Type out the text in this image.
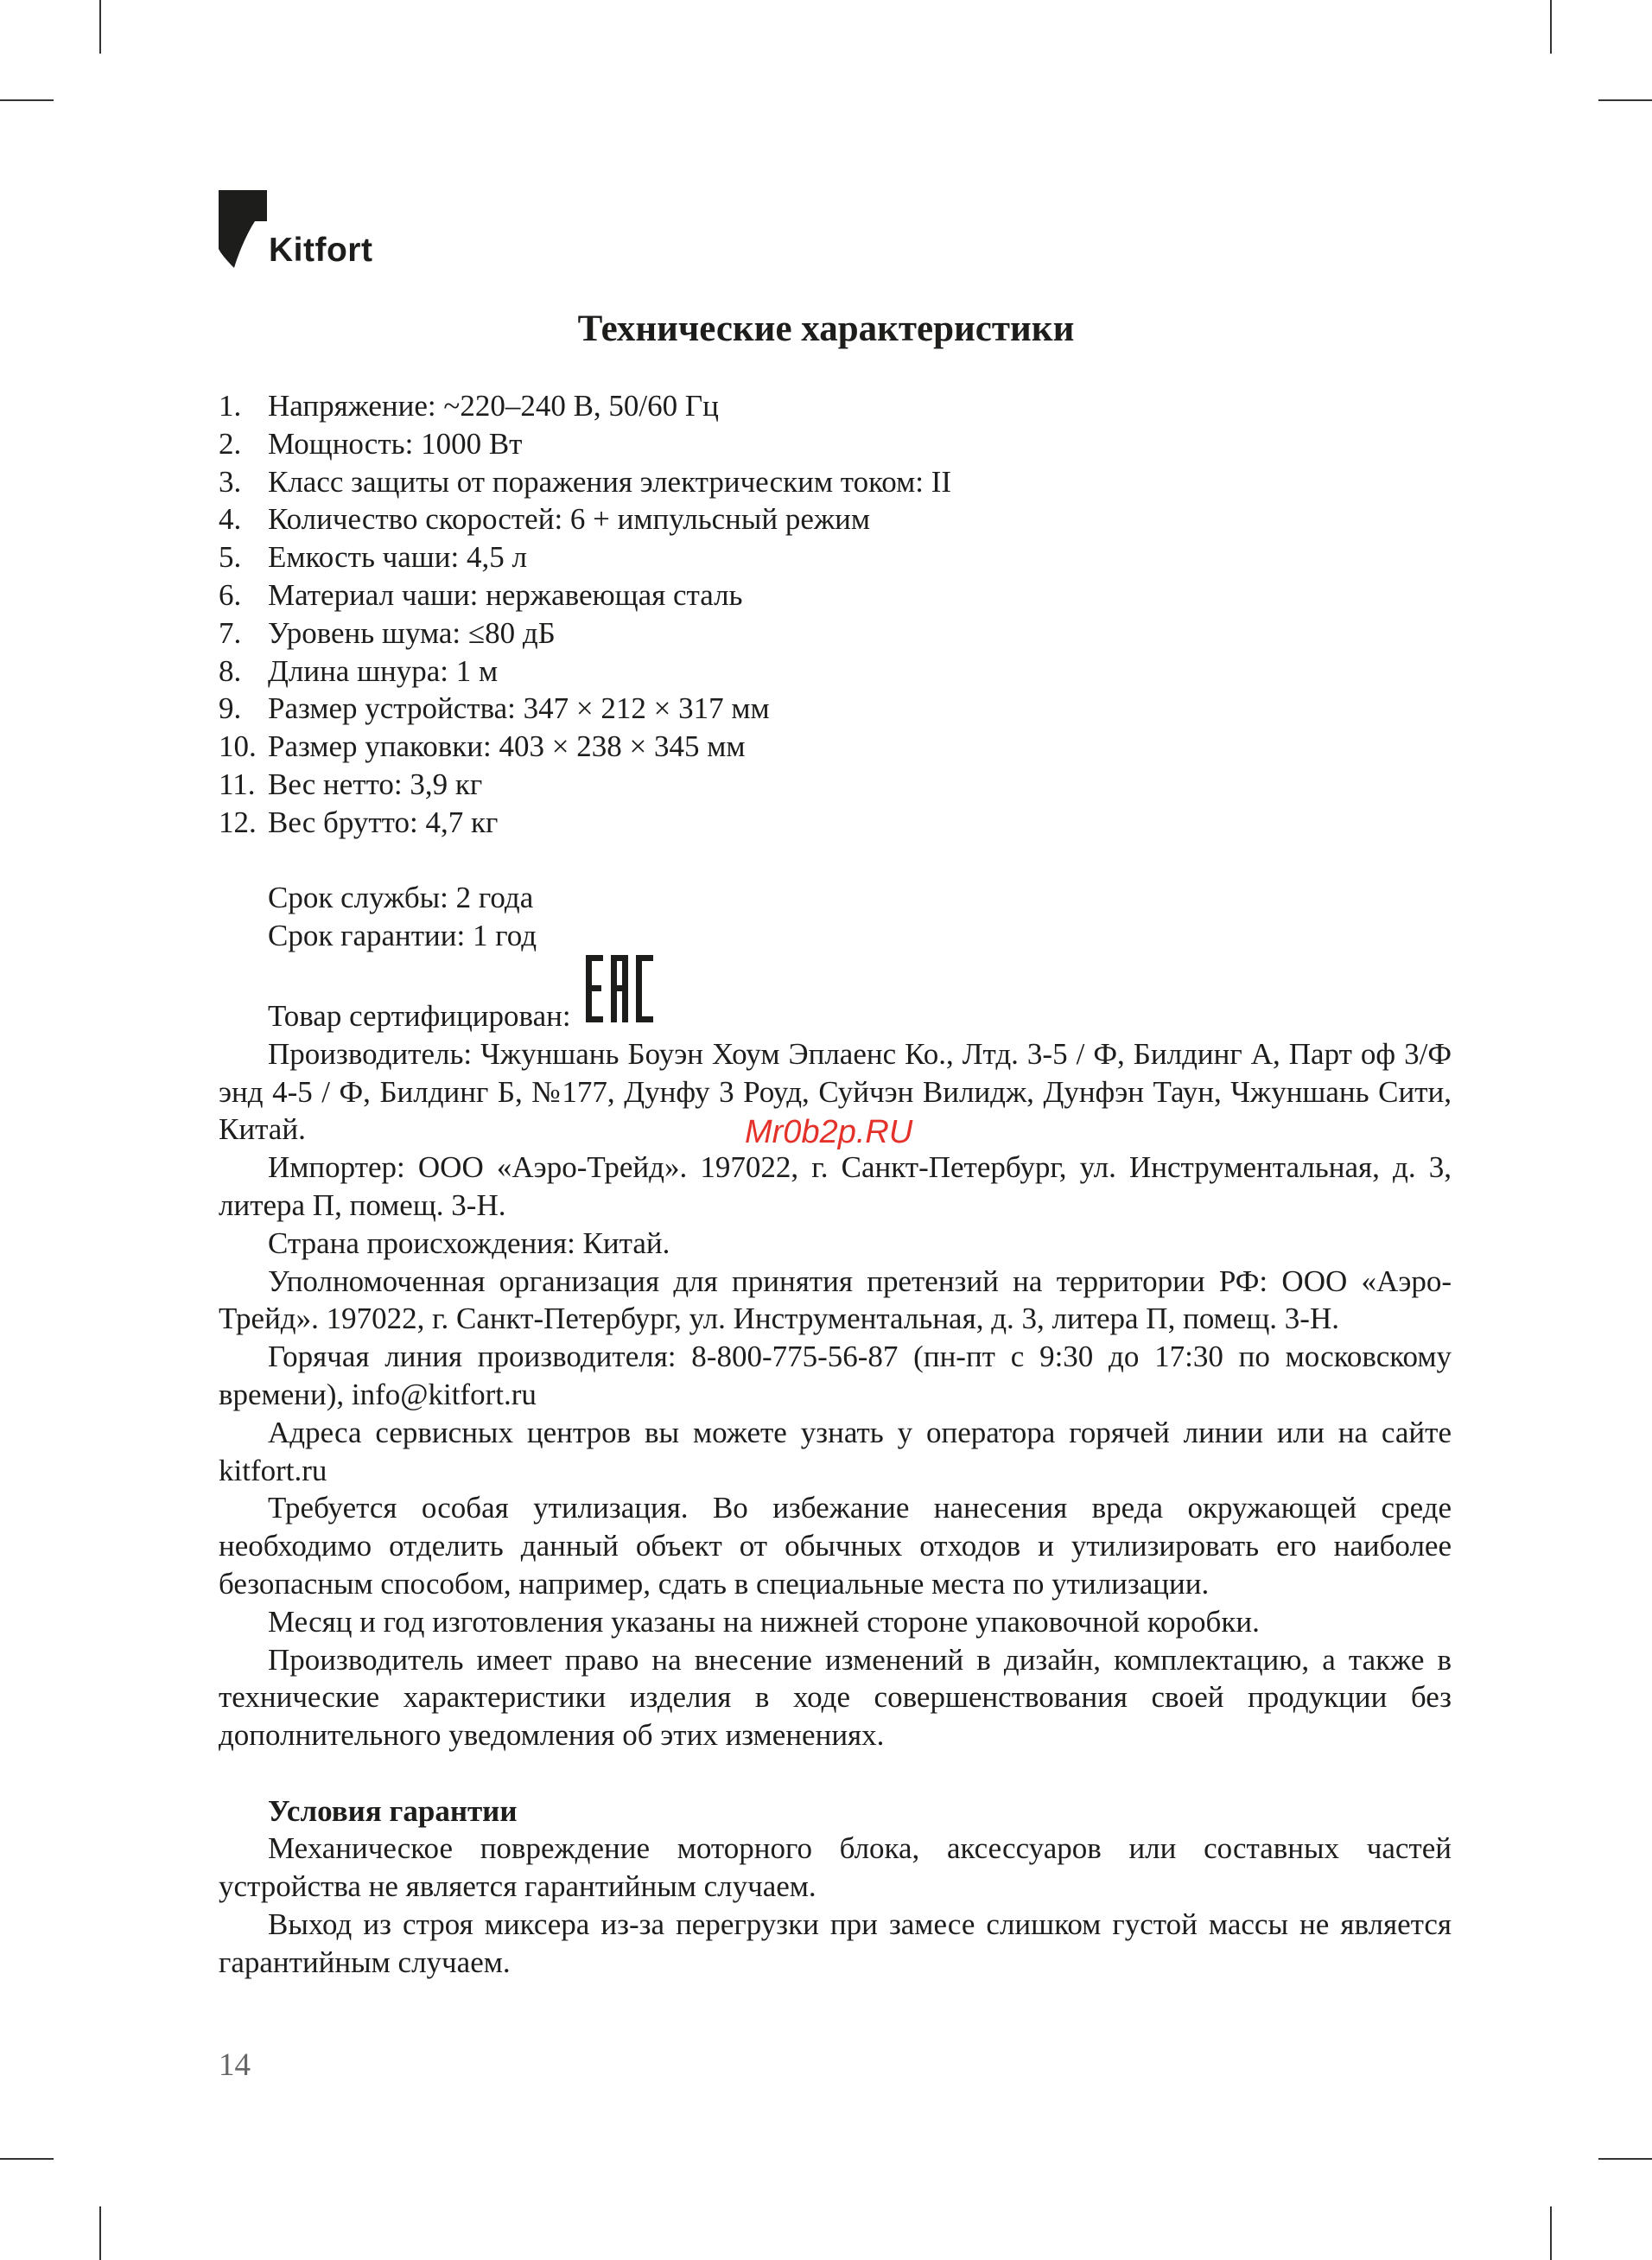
Kitfort
Технические характеристики
1. Напряжение: ~220–240 В, 50/60 Гц
2. Мощность: 1000 Вт
3. Класс защиты от поражения электрическим током: II
4. Количество скоростей: 6 + импульсный режим
5. Емкость чаши: 4,5 л
6. Материал чаши: нержавеющая сталь
7. Уровень шума: ≤80 дБ
8. Длина шнура: 1 м
9. Размер устройства: 347 × 212 × 317 мм
10. Размер упаковки: 403 × 238 × 345 мм
11. Вес нетто: 3,9 кг
12. Вес брутто: 4,7 кг
Срок службы: 2 года
Срок гарантии: 1 год
Товар сертифицирован:

Производитель: Чжуншань Боуэн Хоум Эплаенс Ко., Лтд. 3-5 / Ф, Билдинг А, Парт оф 3/Ф энд 4-5 / Ф, Билдинг Б, №177, Дунфу 3 Роуд, Суйчэн Вилидж, Дунфэн Таун, Чжуншань Сити, Китай.

Импортер: ООО «Аэро-Трейд». 197022, г. Санкт-Петербург, ул. Инструментальная, д. 3, литера П, помещ. 3-Н.

Страна происхождения: Китай.

Уполномоченная организация для принятия претензий на территории РФ: ООО «Аэро-Трейд». 197022, г. Санкт-Петербург, ул. Инструментальная, д. 3, литера П, помещ. 3-Н.

Горячая линия производителя: 8-800-775-56-87 (пн-пт с 9:30 до 17:30 по московскому времени), info@kitfort.ru

Адреса сервисных центров вы можете узнать у оператора горячей линии или на сайте kitfort.ru

Требуется особая утилизация. Во избежание нанесения вреда окружающей среде необходимо отделить данный объект от обычных отходов и утилизировать его наиболее безопасным способом, например, сдать в специальные места по утилизации.

Месяц и год изготовления указаны на нижней стороне упаковочной коробки.

Производитель имеет право на внесение изменений в дизайн, комплектацию, а также в технические характеристики изделия в ходе совершенствования своей продукции без дополнительного уведомления об этих изменениях.

Условия гарантии

Механическое повреждение моторного блока, аксессуаров или составных частей устройства не является гарантийным случаем.

Выход из строя миксера из-за перегрузки при замесе слишком густой массы не является гарантийным случаем.

Mr0b2p.RU
14
